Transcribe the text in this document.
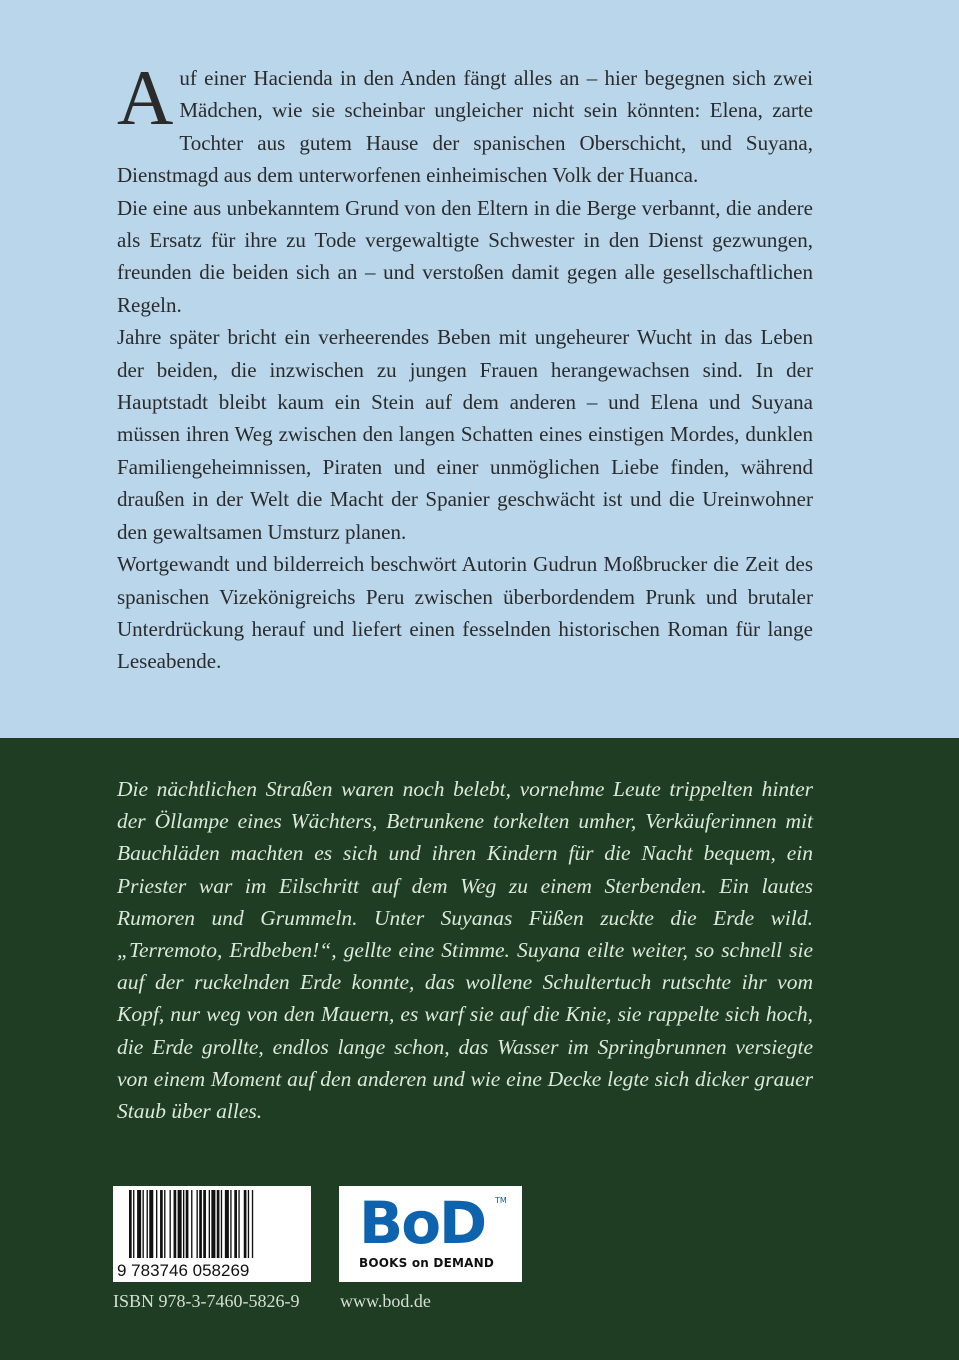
Auf einer Hacienda in den Anden fängt alles an – hier begegnen sich zwei Mädchen, wie sie scheinbar ungleicher nicht sein könnten: Elena, zarte Tochter aus gutem Hause der spanischen Oberschicht, und Suyana, Dienstmagd aus dem unterworfenen einheimischen Volk der Huanca.

Die eine aus unbekanntem Grund von den Eltern in die Berge verbannt, die andere als Ersatz für ihre zu Tode vergewaltigte Schwester in den Dienst gezwungen, freunden die beiden sich an – und verstoßen damit gegen alle gesellschaftlichen Regeln.

Jahre später bricht ein verheerendes Beben mit ungeheurer Wucht in das Leben der beiden, die inzwischen zu jungen Frauen herangewachsen sind. In der Hauptstadt bleibt kaum ein Stein auf dem anderen – und Elena und Suyana müssen ihren Weg zwischen den langen Schatten eines einstigen Mordes, dunklen Familiengeheimnissen, Piraten und einer unmöglichen Liebe finden, während draußen in der Welt die Macht der Spanier geschwächt ist und die Ureinwohner den gewaltsamen Umsturz planen.

Wortgewandt und bilderreich beschwört Autorin Gudrun Moßbrucker die Zeit des spanischen Vizekönigreichs Peru zwischen überbordendem Prunk und brutaler Unterdrückung herauf und liefert einen fesselnden historischen Roman für lange Leseabende.

Die nächtlichen Straßen waren noch belebt, vornehme Leute trippelten hinter der Öllampe eines Wächters, Betrunkene torkelten umher, Verkäuferinnen mit Bauchläden machten es sich und ihren Kindern für die Nacht bequem, ein Priester war im Eilschritt auf dem Weg zu einem Sterbenden. Ein lautes Rumoren und Grummeln. Unter Suyanas Füßen zuckte die Erde wild. „Terremoto, Erdbeben!“, gellte eine Stimme. Suyana eilte weiter, so schnell sie auf der ruckelnden Erde konnte, das wollene Schultertuch rutschte ihr vom Kopf, nur weg von den Mauern, es warf sie auf die Knie, sie rappelte sich hoch, die Erde grollte, endlos lange schon, das Wasser im Springbrunnen versiegte von einem Moment auf den anderen und wie eine Decke legte sich dicker grauer Staub über alles.

9 783746 058269
BoD TM
BOOKS on DEMAND
ISBN 978-3-7460-5826-9 www.bod.de
